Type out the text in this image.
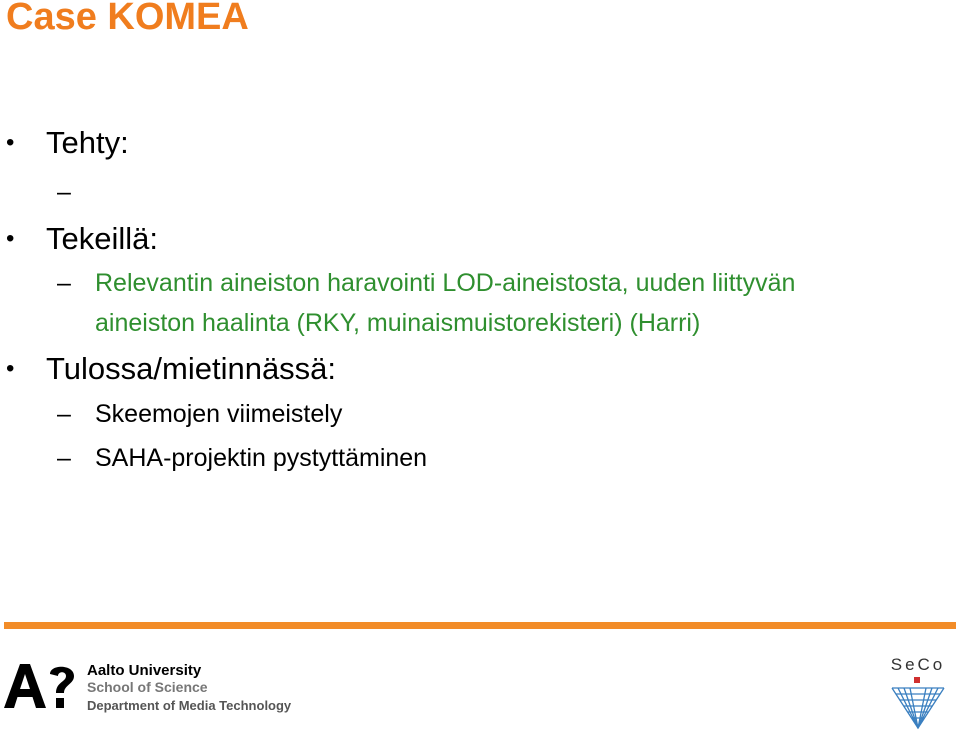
Case KOMEA
• Tehty:
–
• Tekeillä:
– Relevantin aineiston haravointi LOD-aineistosta, uuden liittyvän
aineiston haalinta (RKY, muinaismuistorekisteri) (Harri)
• Tulossa/mietinnässä:
– Skeemojen viimeistely
– SAHA-projektin pystyttäminen
Aalto University
School of Science
Department of Media Technology
SeCo
